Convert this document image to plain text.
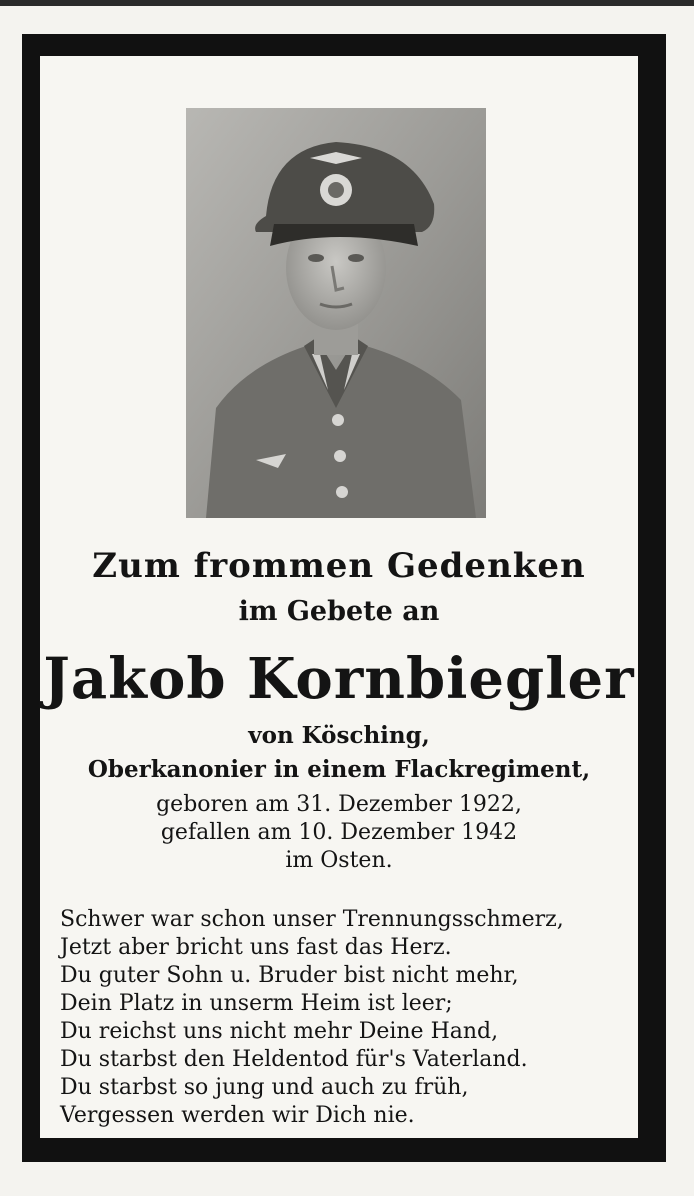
Zum frommen Gedenken
im Gebete an
Jakob Kornbiegler
von Kösching,
Oberkanonier in einem Flackregiment,
geboren am 31. Dezember 1922,
gefallen am 10. Dezember 1942
im Osten.
Schwer war schon unser Trennungsschmerz,
Jetzt aber bricht uns fast das Herz.
Du guter Sohn u. Bruder bist nicht mehr,
Dein Platz in unserm Heim ist leer;
Du reichst uns nicht mehr Deine Hand,
Du starbst den Heldentod für's Vaterland.
Du starbst so jung und auch zu früh,
Vergessen werden wir Dich nie.
